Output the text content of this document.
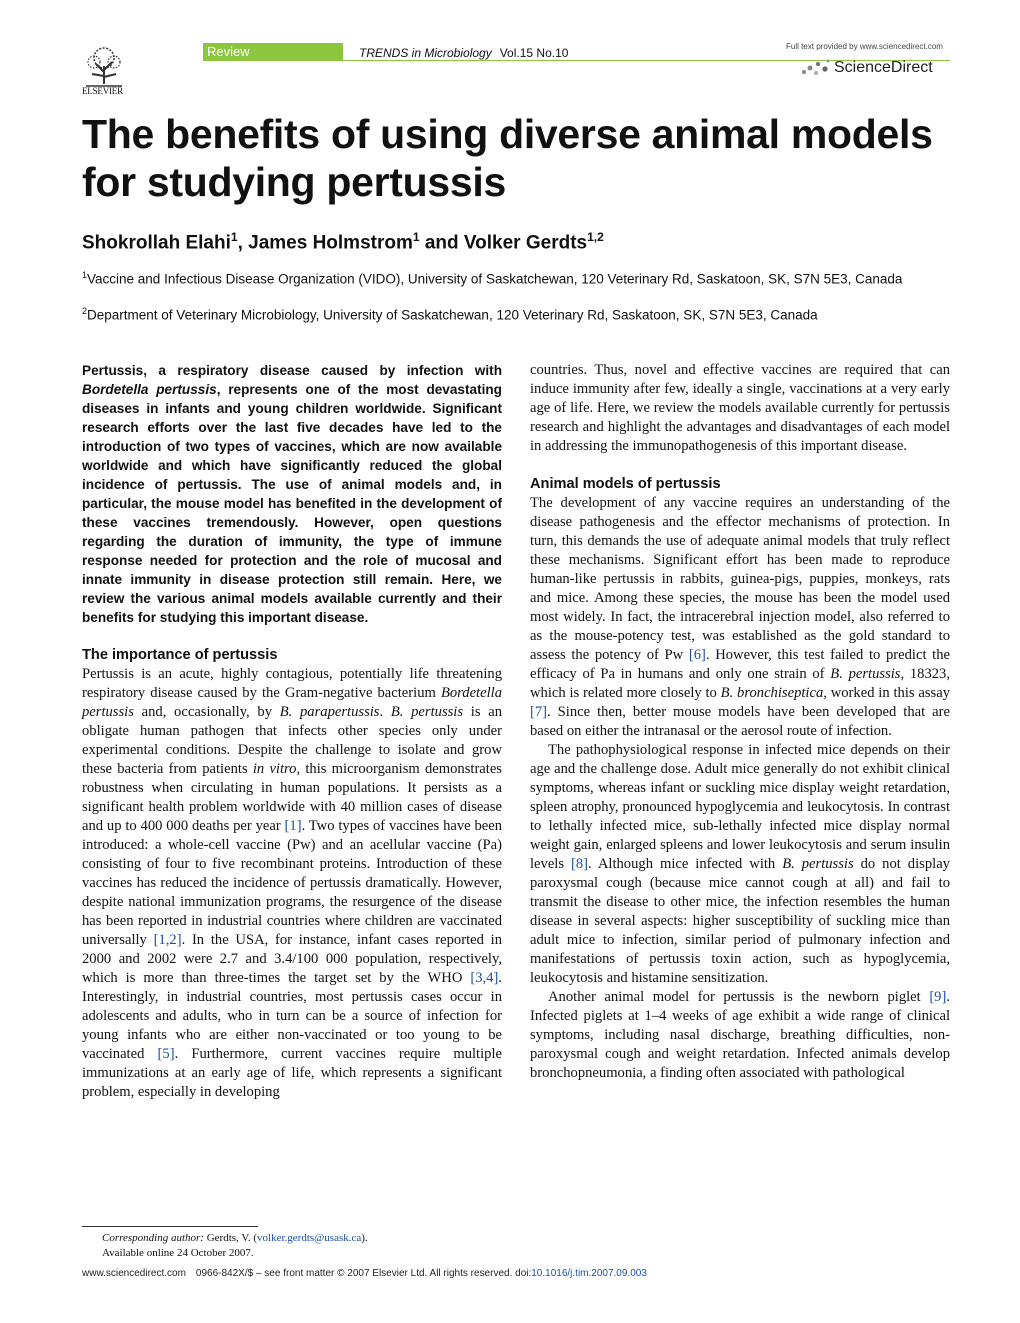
ELSEVIER
Review	TRENDS in Microbiology Vol.15 No.10	Full text provided by www.sciencedirect.com
ScienceDirect
The benefits of using diverse animal models for studying pertussis

Shokrollah Elahi$^1$, James Holmstrom$^1$ and Volker Gerdts$^{1,2}$

$^1$Vaccine and Infectious Disease Organization (VIDO), University of Saskatchewan, 120 Veterinary Rd, Saskatoon, SK, S7N 5E3, Canada

$^2$Department of Veterinary Microbiology, University of Saskatchewan, 120 Veterinary Rd, Saskatoon, SK, S7N 5E3, Canada

Pertussis, a respiratory disease caused by infection with Bordetella pertussis, represents one of the most devastating diseases in infants and young children worldwide. Significant research efforts over the last five decades have led to the introduction of two types of vaccines, which are now available worldwide and which have significantly reduced the global incidence of pertussis. The use of animal models and, in particular, the mouse model has benefited in the development of these vaccines tremendously. However, open questions regarding the duration of immunity, the type of immune response needed for protection and the role of mucosal and innate immunity in disease protection still remain. Here, we review the various animal models available currently and their benefits for studying this important disease.

The importance of pertussis

Pertussis is an acute, highly contagious, potentially life threatening respiratory disease caused by the Gram-negative bacterium Bordetella pertussis and, occasionally, by B. parapertussis. B. pertussis is an obligate human pathogen that infects other species only under experimental conditions. Despite the challenge to isolate and grow these bacteria from patients in vitro, this microorganism demonstrates robustness when circulating in human populations. It persists as a significant health problem worldwide with 40 million cases of disease and up to 400 000 deaths per year [1]. Two types of vaccines have been introduced: a whole-cell vaccine (Pw) and an acellular vaccine (Pa) consisting of four to five recombinant proteins. Introduction of these vaccines has reduced the incidence of pertussis dramatically. However, despite national immunization programs, the resurgence of the disease has been reported in industrial countries where children are vaccinated universally [1,2]. In the USA, for instance, infant cases reported in 2000 and 2002 were 2.7 and 3.4/100 000 population, respectively, which is more than three-times the target set by the WHO [3,4]. Interestingly, in industrial countries, most pertussis cases occur in adolescents and adults, who in turn can be a source of infection for young infants who are either non-vaccinated or too young to be vaccinated [5]. Furthermore, current vaccines require multiple immunizations at an early age of life, which represents a significant problem, especially in developing

countries. Thus, novel and effective vaccines are required that can induce immunity after few, ideally a single, vaccinations at a very early age of life. Here, we review the models available currently for pertussis research and highlight the advantages and disadvantages of each model in addressing the immunopathogenesis of this important disease.

Animal models of pertussis

The development of any vaccine requires an understanding of the disease pathogenesis and the effector mechanisms of protection. In turn, this demands the use of adequate animal models that truly reflect these mechanisms. Significant effort has been made to reproduce human-like pertussis in rabbits, guinea-pigs, puppies, monkeys, rats and mice. Among these species, the mouse has been the model used most widely. In fact, the intracerebral injection model, also referred to as the mouse-potency test, was established as the gold standard to assess the potency of Pw [6]. However, this test failed to predict the efficacy of Pa in humans and only one strain of B. pertussis, 18323, which is related more closely to B. bronchiseptica, worked in this assay [7]. Since then, better mouse models have been developed that are based on either the intranasal or the aerosol route of infection.

The pathophysiological response in infected mice depends on their age and the challenge dose. Adult mice generally do not exhibit clinical symptoms, whereas infant or suckling mice display weight retardation, spleen atrophy, pronounced hypoglycemia and leukocytosis. In contrast to lethally infected mice, sub-lethally infected mice display normal weight gain, enlarged spleens and lower leukocytosis and serum insulin levels [8]. Although mice infected with B. pertussis do not display paroxysmal cough (because mice cannot cough at all) and fail to transmit the disease to other mice, the infection resembles the human disease in several aspects: higher susceptibility of suckling mice than adult mice to infection, similar period of pulmonary infection and manifestations of pertussis toxin action, such as hypoglycemia, leukocytosis and histamine sensitization.

Another animal model for pertussis is the newborn piglet [9]. Infected piglets at 1–4 weeks of age exhibit a wide range of clinical symptoms, including nasal discharge, breathing difficulties, non-paroxysmal cough and weight retardation. Infected animals develop bronchopneumonia, a finding often associated with pathological

Corresponding author: Gerdts, V. (volker.gerdts@usask.ca).

Available online 24 October 2007.

www.sciencedirect.com 0966-842X/$ – see front matter © 2007 Elsevier Ltd. All rights reserved. doi:10.1016/j.tim.2007.09.003
